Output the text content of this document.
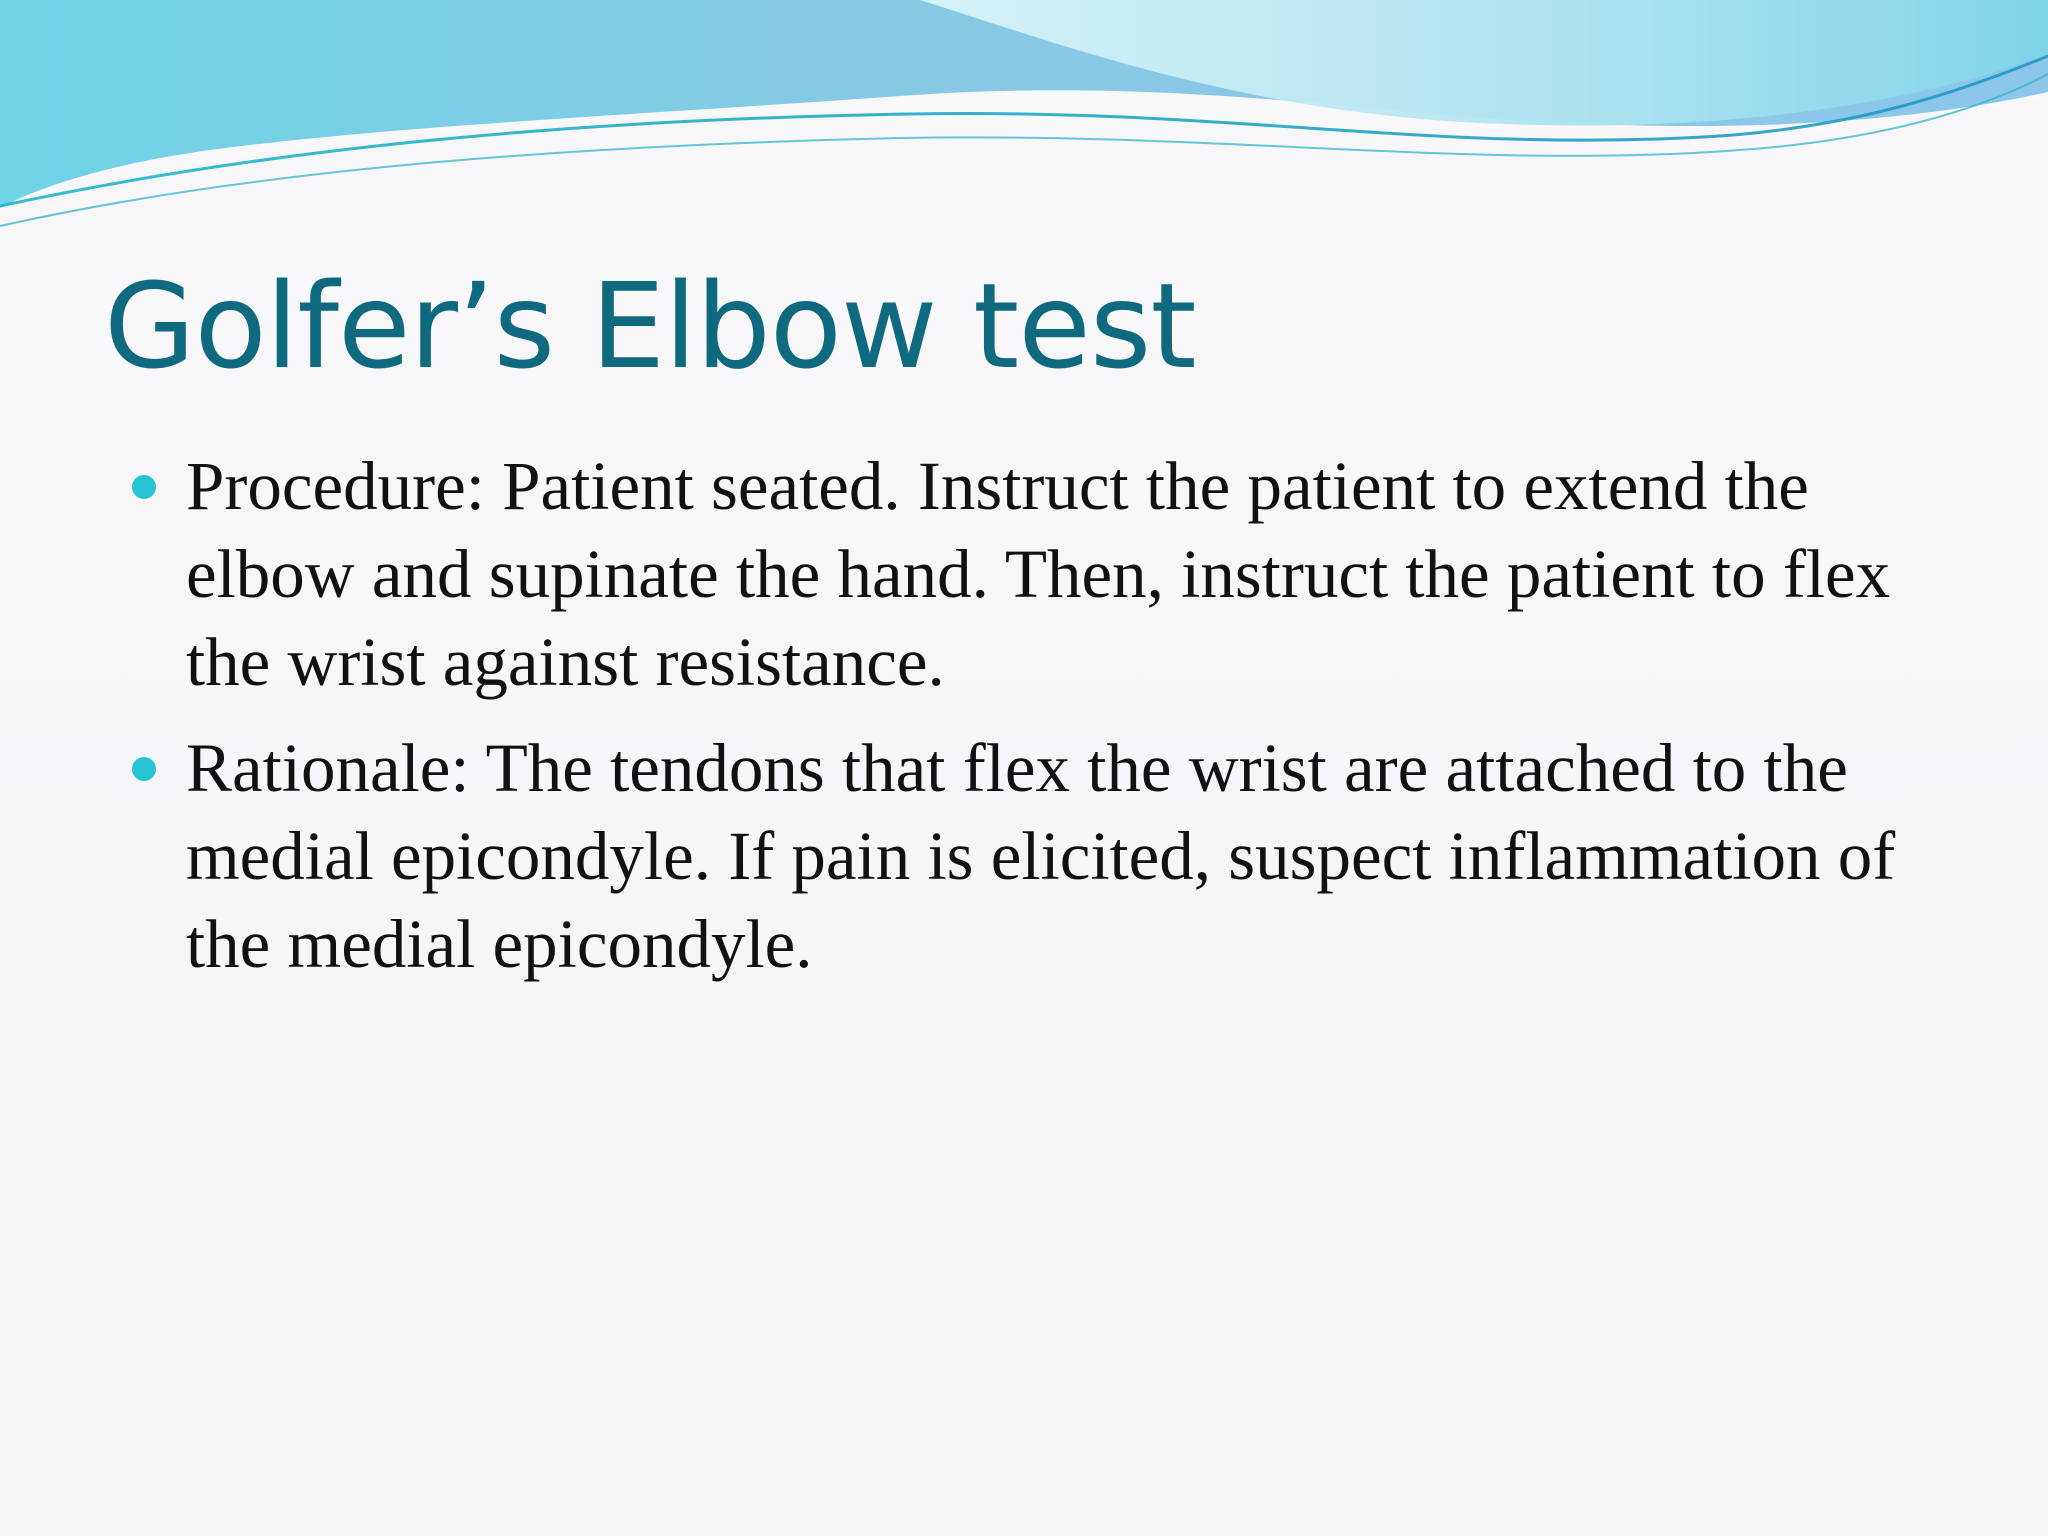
Golfer’s Elbow test
Procedure: Patient seated. Instruct the patient to extend the elbow and supinate the hand. Then, instruct the patient to flex the wrist against resistance.
Rationale: The tendons that flex the wrist are attached to the medial epicondyle. If pain is elicited, suspect inflammation of the medial epicondyle.
